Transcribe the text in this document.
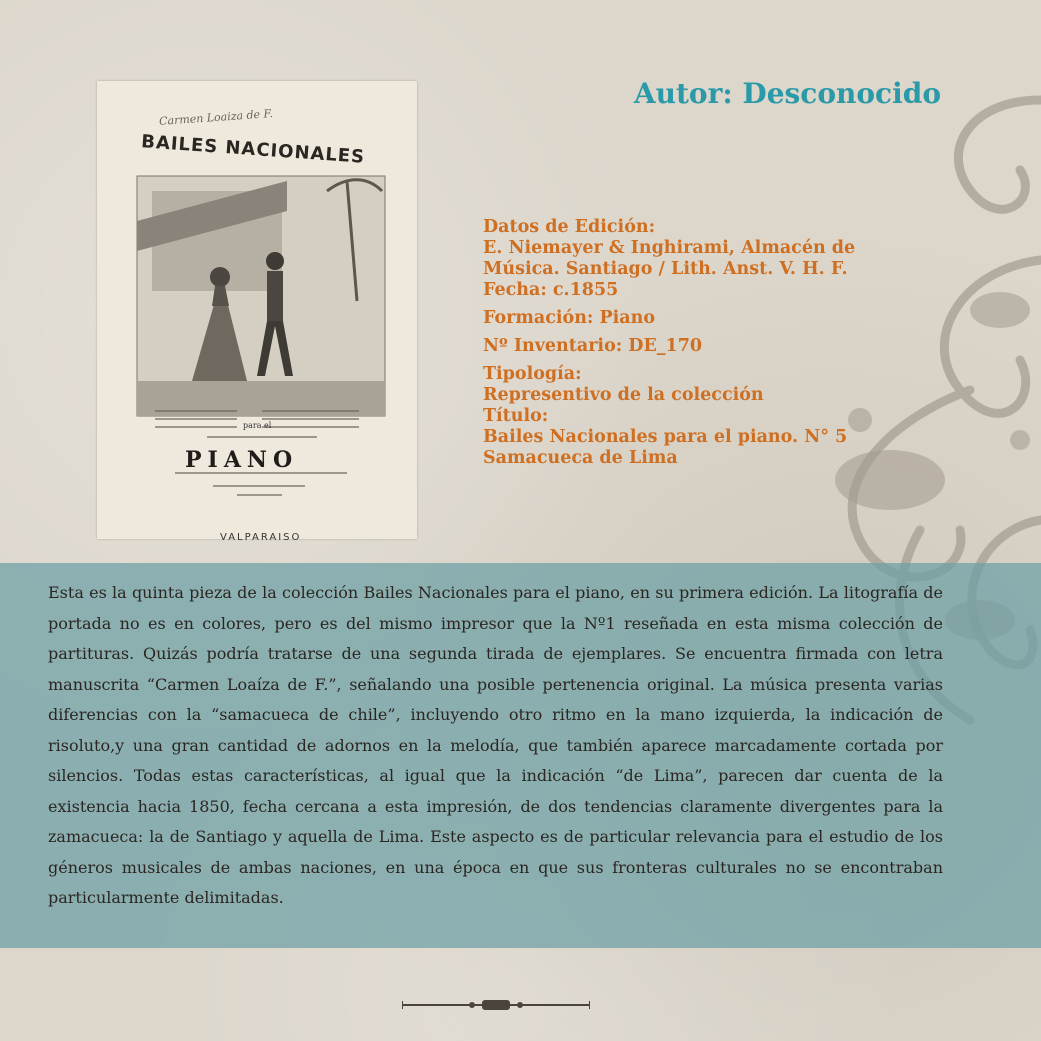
Carmen Loaiza de F.
BAILES NACIONALES
para el
PIANO
VALPARAISO
Autor: Desconocido

Datos de Edición:

E. Niemayer & Inghirami, Almacén de

Música. Santiago / Lith. Anst. V. H. F.

Fecha: c.1855

Formación: Piano

Nº Inventario: DE_170

Tipología:

Representivo de la colección

Título:

Bailes Nacionales para el piano. N° 5

Samacueca de Lima

Esta es la quinta pieza de la colección Bailes Nacionales para el piano, en su primera edición. La litografía de portada no es en colores, pero es del mismo impresor que la Nº1 reseñada en esta misma colección de partituras. Quizás podría tratarse de una segunda tirada de ejemplares. Se encuentra firmada con letra manuscrita “Carmen Loaíza de F.”, señalando una posible pertenencia original. La música presenta varias diferencias con la “samacueca de chile”, incluyendo otro ritmo en la mano izquierda, la indicación de risoluto,y una gran cantidad de adornos en la melodía, que también aparece marcadamente cortada por silencios. Todas estas características, al igual que la indicación “de Lima”, parecen dar cuenta de la existencia hacia 1850, fecha cercana a esta impresión, de dos tendencias claramente divergentes para la zamacueca: la de Santiago y aquella de Lima. Este aspecto es de particular relevancia para el estudio de los géneros musicales de ambas naciones, en una época en que sus fronteras culturales no se encontraban particularmente delimitadas.
